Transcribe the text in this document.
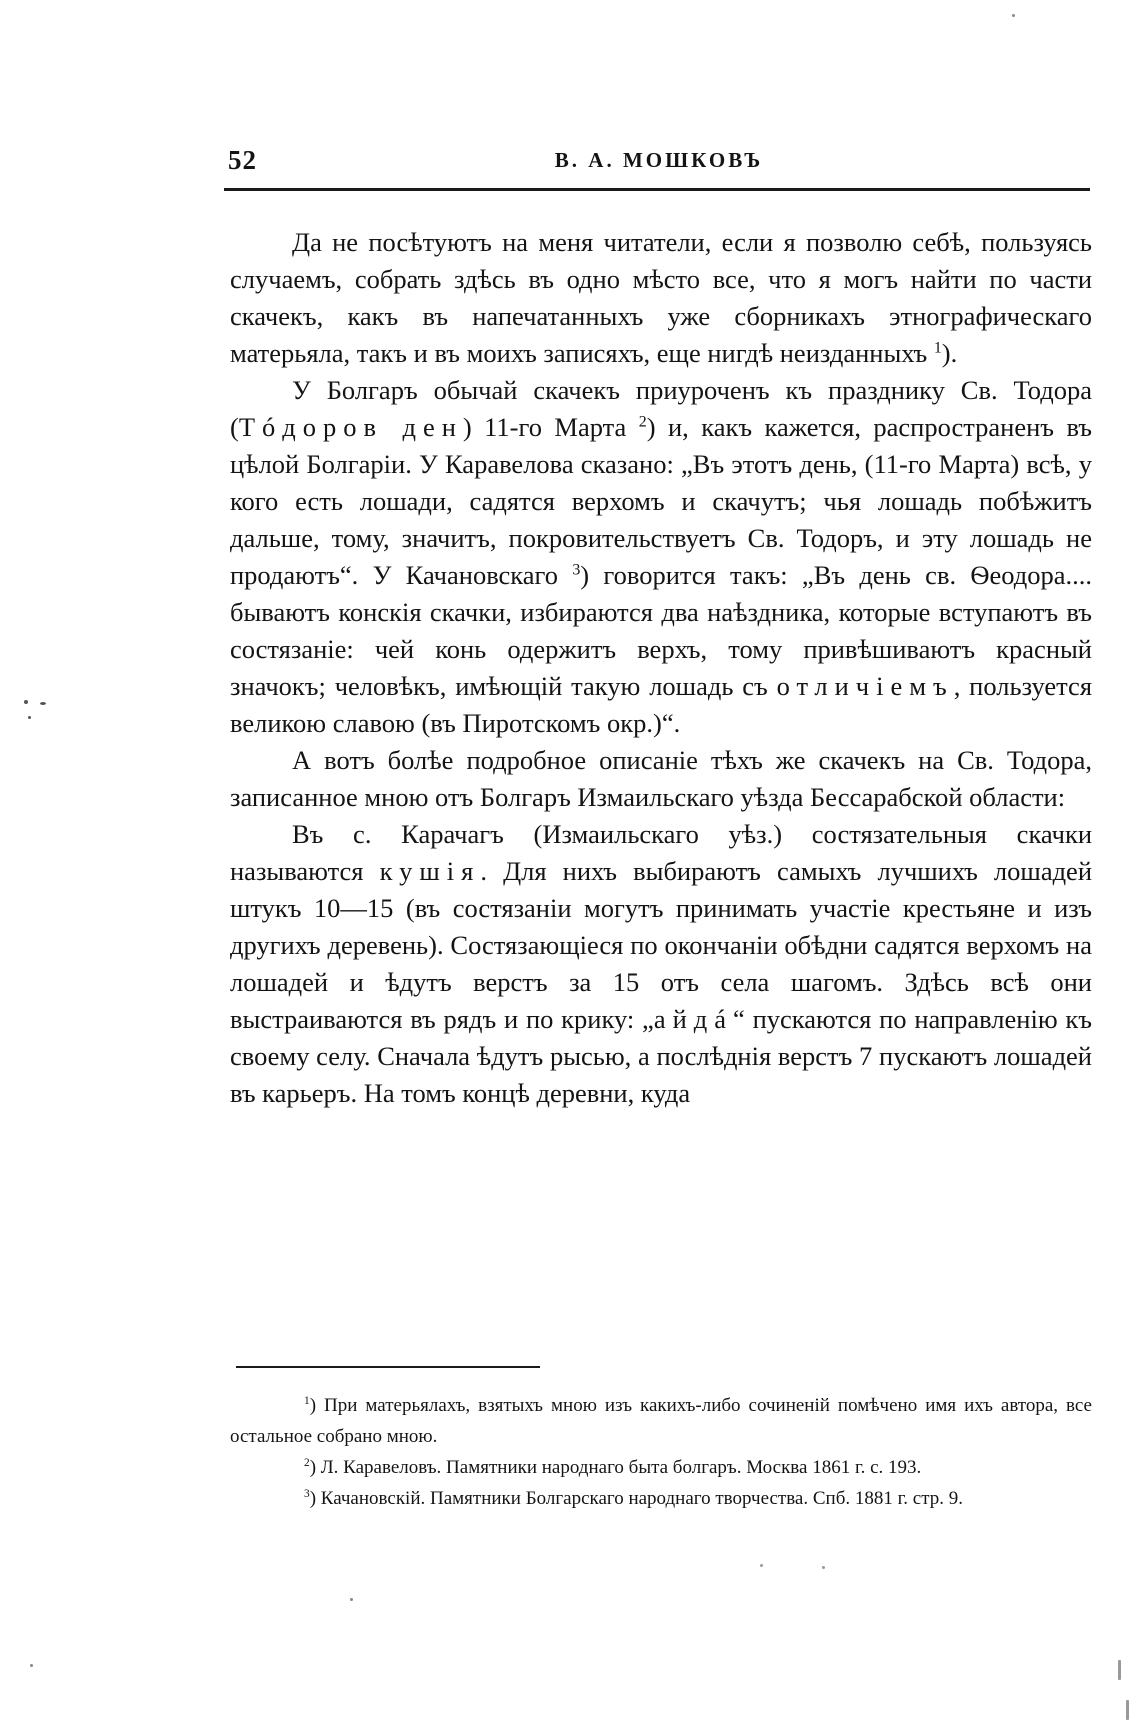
52	В. А. МОШКОВЪ

Да не посѣтуютъ на меня читатели, если я позволю себѣ, пользуясь случаемъ, собрать здѣсь въ одно мѣсто все, что я могъ найти по части скачекъ, какъ въ напечатанныхъ уже сборникахъ этнографическаго матерьяла, такъ и въ моихъ записяхъ, еще нигдѣ неизданныхъ $^1$).

У Болгаръ обычай скачекъ приуроченъ къ празднику Св. Тодора (Тóдоров ден) 11-го Марта $^2$) и, какъ кажется, распространенъ въ цѣлой Болгаріи. У Каравелова сказано: „Въ этотъ день, (11-го Марта) всѣ, у кого есть лошади, садятся верхомъ и скачутъ; чья лошадь побѣжитъ дальше, тому, значитъ, покровительствуетъ Св. Тодоръ, и эту лошадь не продаютъ“. У Качановскаго $^3$) говорится такъ: „Въ день св. Ѳеодора.... бываютъ конскія скачки, избираются два наѣздника, которые вступаютъ въ состязаніе: чей конь одержитъ верхъ, тому привѣшиваютъ красный значокъ; человѣкъ, имѣющій такую лошадь съ отличіемъ, пользуется великою славою (въ Пиротскомъ окр.)“.

А вотъ болѣе подробное описаніе тѣхъ же скачекъ на Св. Тодора, записанное мною отъ Болгаръ Измаильскаго уѣзда Бессарабской области:

Въ с. Карачагъ (Измаильскаго уѣз.) состязательныя скачки называются кушія. Для нихъ выбираютъ самыхъ лучшихъ лошадей штукъ 10—15 (въ состязаніи могутъ принимать участіе крестьяне и изъ другихъ деревень). Состязающіеся по окончаніи обѣдни садятся верхомъ на лошадей и ѣдутъ верстъ за 15 отъ села шагомъ. Здѣсь всѣ они выстраиваются въ рядъ и по крику: „айдá“ пускаются по направленію къ своему селу. Сначала ѣдутъ рысью, а послѣднія верстъ 7 пускаютъ лошадей въ карьеръ. На томъ концѣ деревни, куда

$^1$) При матерьялахъ, взятыхъ мною изъ какихъ-либо сочиненій помѣчено имя ихъ автора, все остальное собрано мною.

$^2$) Л. Каравеловъ. Памятники народнаго быта болгаръ. Москва 1861 г. с. 193.

$^3$) Качановскій. Памятники Болгарскаго народнаго творчества. Спб. 1881 г. стр. 9.
